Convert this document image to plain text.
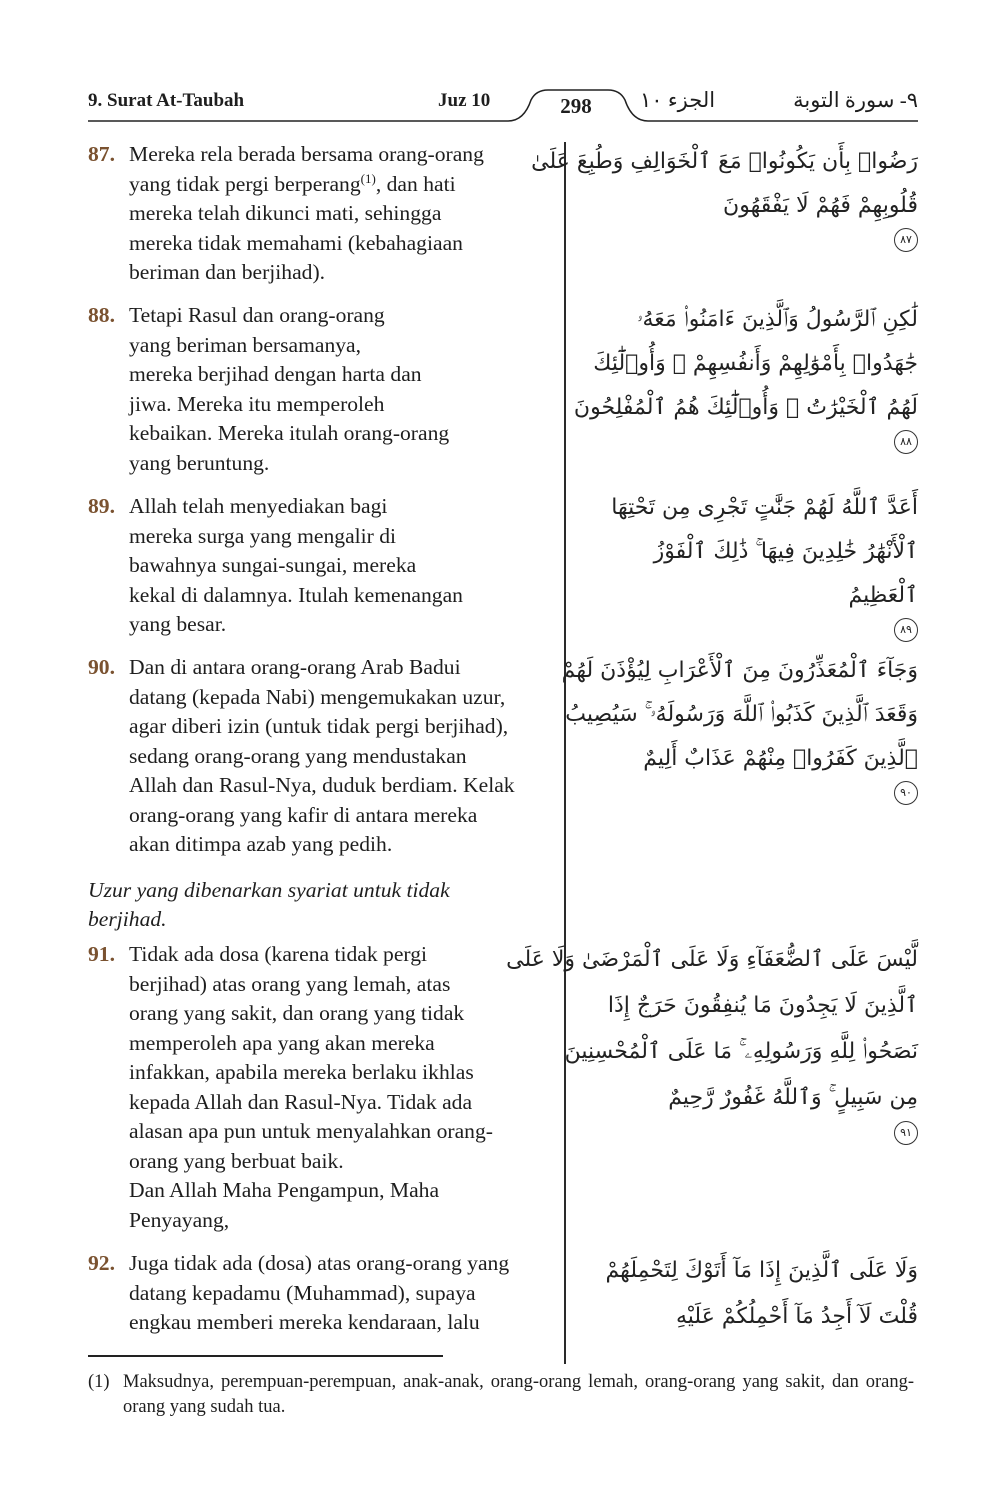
9. Surat At-Taubah	Juz 10	298	الجزء ١٠	٩- سورة التوبة
87. Mereka rela berada bersama orang-orang
yang tidak pergi berperang$^{(1)}$, dan hati
mereka telah dikunci mati, sehingga
mereka tidak memahami (kebahagiaan
beriman dan berjihad).
88. Tetapi Rasul dan orang-orang
yang beriman bersamanya,
mereka berjihad dengan harta dan
jiwa. Mereka itu memperoleh
kebaikan. Mereka itulah orang-orang
yang beruntung.
89. Allah telah menyediakan bagi
mereka surga yang mengalir di
bawahnya sungai-sungai, mereka
kekal di dalamnya. Itulah kemenangan
yang besar.
90. Dan di antara orang-orang Arab Badui
datang (kepada Nabi) mengemukakan uzur,
agar diberi izin (untuk tidak pergi berjihad),
sedang orang-orang yang mendustakan
Allah dan Rasul-Nya, duduk berdiam. Kelak
orang-orang yang kafir di antara mereka
akan ditimpa azab yang pedih.
Uzur yang dibenarkan syariat untuk tidak
berjihad.
91. Tidak ada dosa (karena tidak pergi
berjihad) atas orang yang lemah, atas
orang yang sakit, dan orang yang tidak
memperoleh apa yang akan mereka
infakkan, apabila mereka berlaku ikhlas
kepada Allah dan Rasul-Nya. Tidak ada
alasan apa pun untuk menyalahkan orang-
orang yang berbuat baik.
Dan Allah Maha Pengampun, Maha
Penyayang,
92. Juga tidak ada (dosa) atas orang-orang yang
datang kepadamu (Muhammad), supaya
engkau memberi mereka kendaraan, lalu
رَضُوا۟ بِأَن يَكُونُوا۟ مَعَ ٱلْخَوَالِفِ وَطُبِعَ عَلَىٰ
قُلُوبِهِمْ فَهُمْ لَا يَفْقَهُونَ
٨٧
لَٰكِنِ ٱلرَّسُولُ وَٱلَّذِينَ ءَامَنُوا۟ مَعَهُۥ
جَٰهَدُوا۟ بِأَمْوَٰلِهِمْ وَأَنفُسِهِمْ ۚ وَأُو۟لَٰٓئِكَ
لَهُمُ ٱلْخَيْرَٰتُ ۖ وَأُو۟لَٰٓئِكَ هُمُ ٱلْمُفْلِحُونَ
٨٨
أَعَدَّ ٱللَّهُ لَهُمْ جَنَّٰتٍ تَجْرِى مِن تَحْتِهَا
ٱلْأَنْهَٰرُ خَٰلِدِينَ فِيهَا ۚ ذَٰلِكَ ٱلْفَوْزُ
ٱلْعَظِيمُ
٨٩
وَجَآءَ ٱلْمُعَذِّرُونَ مِنَ ٱلْأَعْرَابِ لِيُؤْذَنَ لَهُمْ
وَقَعَدَ ٱلَّذِينَ كَذَبُوا۟ ٱللَّهَ وَرَسُولَهُۥ ۚ سَيُصِيبُ
ٱلَّذِينَ كَفَرُوا۟ مِنْهُمْ عَذَابٌ أَلِيمٌ
٩٠
لَّيْسَ عَلَى ٱلضُّعَفَآءِ وَلَا عَلَى ٱلْمَرْضَىٰ وَلَا عَلَى
ٱلَّذِينَ لَا يَجِدُونَ مَا يُنفِقُونَ حَرَجٌ إِذَا
نَصَحُوا۟ لِلَّهِ وَرَسُولِهِۦ ۚ مَا عَلَى ٱلْمُحْسِنِينَ
مِن سَبِيلٍ ۚ وَٱللَّهُ غَفُورٌ رَّحِيمٌ
٩١
وَلَا عَلَى ٱلَّذِينَ إِذَا مَآ أَتَوْكَ لِتَحْمِلَهُمْ
قُلْتَ لَآ أَجِدُ مَآ أَحْمِلُكُمْ عَلَيْهِ
(1) Maksudnya, perempuan-perempuan, anak-anak, orang-orang lemah, orang-orang yang sakit, dan orang-orang yang sudah tua.
